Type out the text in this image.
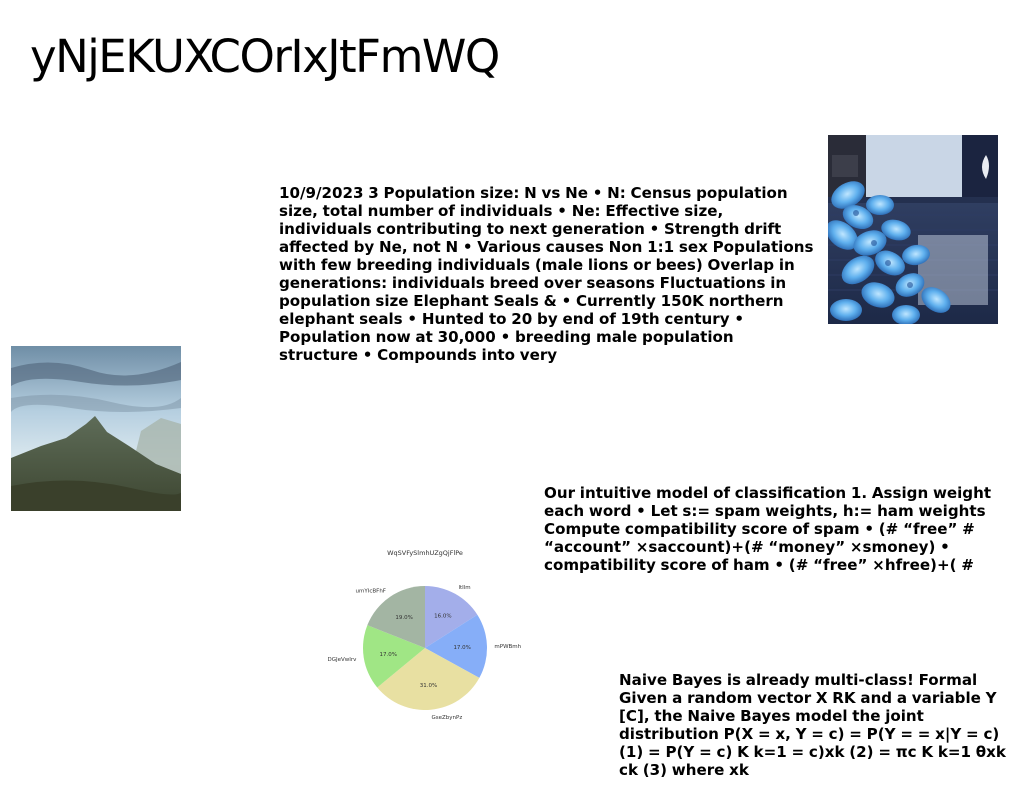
yNjEKUXCOrIxJtFmWQ

10/9/2023 3 Population size: N vs Ne • N: Census population size, total number of individuals • Ne: Effective size, individuals contributing to next generation • Strength drift affected by Ne, not N • Various causes Non 1:1 sex Populations with few breeding individuals (male lions or bees) Overlap in generations: individuals breed over seasons Fluctuations in population size Elephant Seals & • Currently 150K northern elephant seals • Hunted to 20 by end of 19th century • Population now at 30,000 • breeding male population structure • Compounds into very

WqSVFySlmhUZgQjFlPe
ltIlm
mPWBmh
GseZbynPz
DGJeVwIrv
umYIcBFhF
16.0%
17.0%
31.0%
17.0%
19.0%

Our intuitive model of classification 1. Assign weight each word • Let s:= spam weights, h:= ham weights Compute compatibility score of spam • (# “free” # “account” ×saccount)+(# “money” ×smoney) • compatibility score of ham • (# “free” ×hfree)+( #

Naive Bayes is already multi-class! Formal Given a random vector X RK and a variable Y [C], the Naive Bayes model the joint distribution P(X = x, Y = c) = P(Y = = x|Y = c) (1) = P(Y = c) K k=1 = c)xk (2) = πc K k=1 θxk ck (3) where xk
